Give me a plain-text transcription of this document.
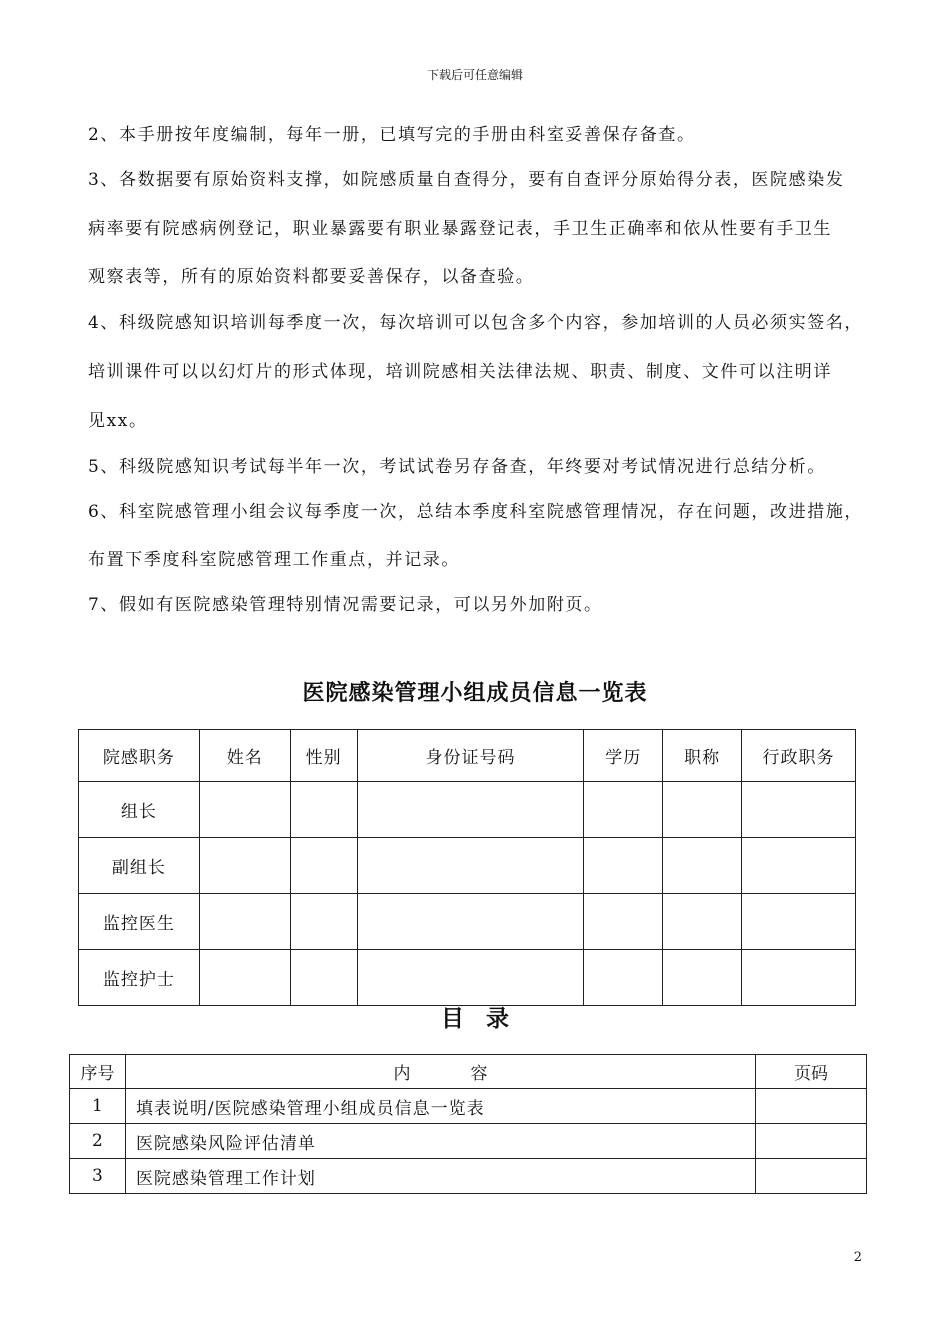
下载后可任意编辑
2、本手册按年度编制，每年一册，已填写完的手册由科室妥善保存备查。
3、各数据要有原始资料支撑，如院感质量自查得分，要有自查评分原始得分表，医院感染发
病率要有院感病例登记，职业暴露要有职业暴露登记表，手卫生正确率和依从性要有手卫生
观察表等，所有的原始资料都要妥善保存，以备查验。
4、科级院感知识培训每季度一次，每次培训可以包含多个内容，参加培训的人员必须实签名，
培训课件可以以幻灯片的形式体现，培训院感相关法律法规、职责、制度、文件可以注明详
见xx。
5、科级院感知识考试每半年一次，考试试卷另存备查，年终要对考试情况进行总结分析。
6、科室院感管理小组会议每季度一次，总结本季度科室院感管理情况，存在问题，改进措施，
布置下季度科室院感管理工作重点，并记录。
7、假如有医院感染管理特别情况需要记录，可以另外加附页。
医院感染管理小组成员信息一览表
院感职务	姓名	性别	身份证号码	学历	职称	行政职务
组长						
副组长						
监控医生						
监控护士						
目录
序号	内容	页码
1	填表说明/医院感染管理小组成员信息一览表	
2	医院感染风险评估清单	
3	医院感染管理工作计划	
2
